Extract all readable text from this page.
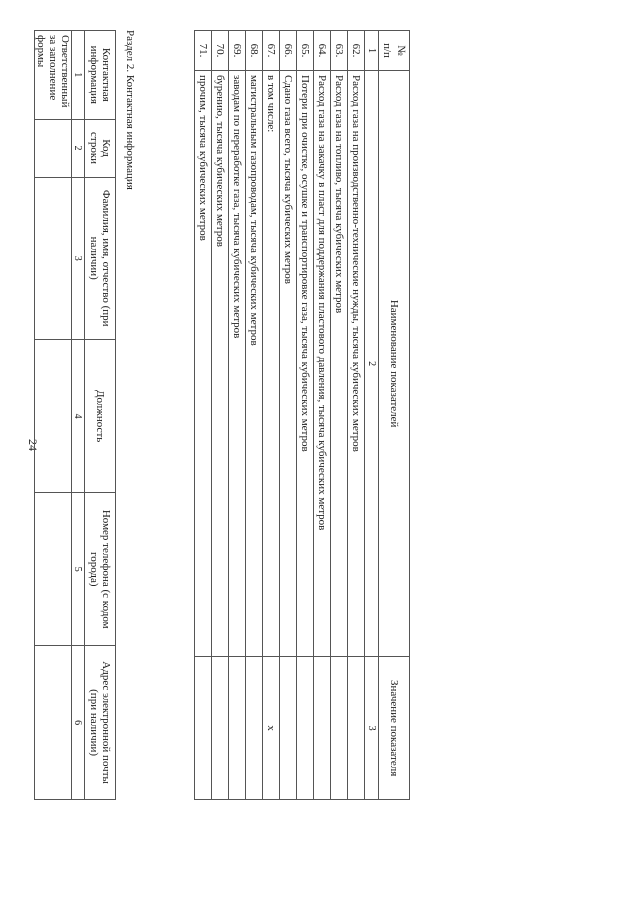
24
№
п/п	Наименование показателей	Значение показателя
1	2	3
62.	Расход газа на производственно-технические нужды, тысяча кубических метров	
63.	Расход газа на топливо, тысяча кубических метров	
64.	Расход газа на закачку в пласт для поддержания пластового давления, тысяча кубических метров	
65.	Потери при очистке, осушке и транспортировке газа, тысяча кубических метров	
66.	Сдано газа всего, тысяча кубических метров	
67.	в том числе:	x
68.	магистральным газопроводам, тысяча кубических метров	
69.	заводам по переработке газа, тысяча кубических метров	
70.	бурению, тысяча кубических метров	
71.	прочим, тысяча кубических метров	
Раздел 2. Контактная информация
Контактная информация	Код строки	Фамилия, имя, отчество (при наличии)	Должность	Номер телефона (с кодом города)	Адрес электронной почты (при наличии)
1	2	3	4	5	6
Ответственный за заполнение формы					
